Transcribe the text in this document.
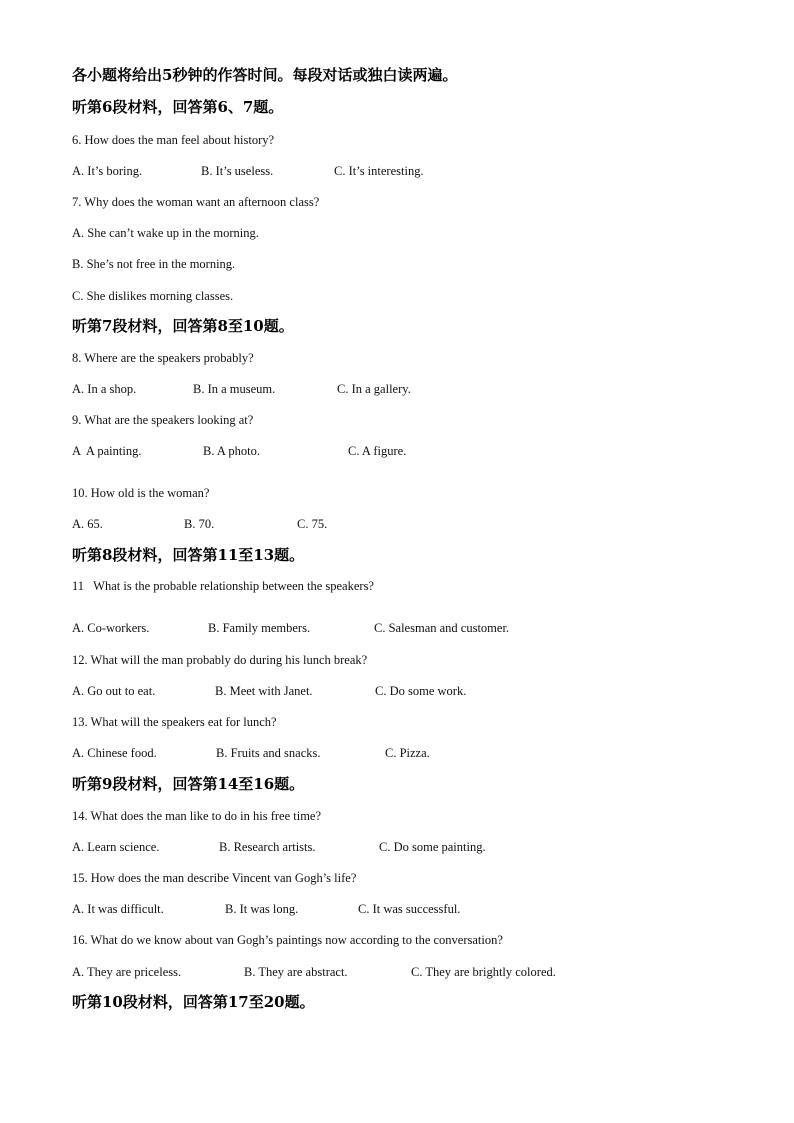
各小题将给出5秒钟的作答时间。每段对话或独白读两遍。
听第6段材料，回答第6、7题。
6. How does the man feel about history?
A. It’s boring.	B. It’s useless.	C. It’s interesting.
7. Why does the woman want an afternoon class?
A. She can’t wake up in the morning.
B. She’s not free in the morning.
C. She dislikes morning classes.
听第7段材料，回答第8至10题。
8. Where are the speakers probably?
A. In a shop.	B. In a museum.	C. In a gallery.
9. What are the speakers looking at?
A  A painting.	B. A photo.	C. A figure.
10. How old is the woman?
A. 65.	B. 70.	C. 75.
听第8段材料，回答第11至13题。
11   What is the probable relationship between the speakers?
A. Co-workers.	B. Family members.	C. Salesman and customer.
12. What will the man probably do during his lunch break?
A. Go out to eat.	B. Meet with Janet.	C. Do some work.
13. What will the speakers eat for lunch?
A. Chinese food.	B. Fruits and snacks.	C. Pizza.
听第9段材料，回答第14至16题。
14. What does the man like to do in his free time?
A. Learn science.	B. Research artists.	C. Do some painting.
15. How does the man describe Vincent van Gogh’s life?
A. It was difficult.	B. It was long.	C. It was successful.
16. What do we know about van Gogh’s paintings now according to the conversation?
A. They are priceless.	B. They are abstract.	C. They are brightly colored.
听第10段材料，回答第17至20题。
